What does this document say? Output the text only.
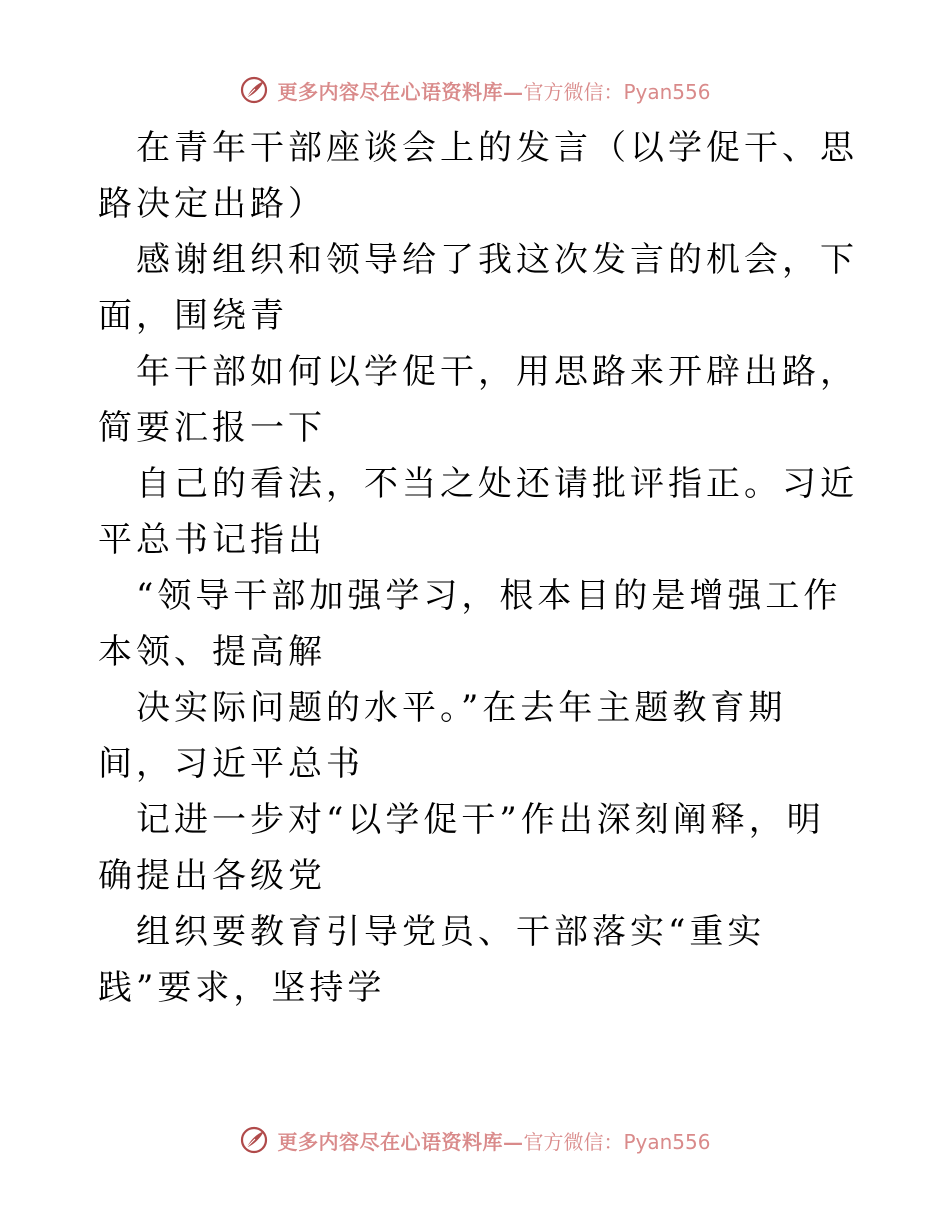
更多内容尽在心语资料库— 官方微信：Pyan556

在青年干部座谈会上的发言（以学促干、思路决定出路）

感谢组织和领导给了我这次发言的机会，下面，围绕青

年干部如何以学促干，用思路来开辟出路，简要汇报一下

自己的看法，不当之处还请批评指正。习近平总书记指出

“领导干部加强学习，根本目的是增强工作本领、提高解

决实际问题的水平。”在去年主题教育期间，习近平总书

记进一步对“以学促干”作出深刻阐释，明确提出各级党

组织要教育引导党员、干部落实“重实践”要求，坚持学

更多内容尽在心语资料库— 官方微信：Pyan556
